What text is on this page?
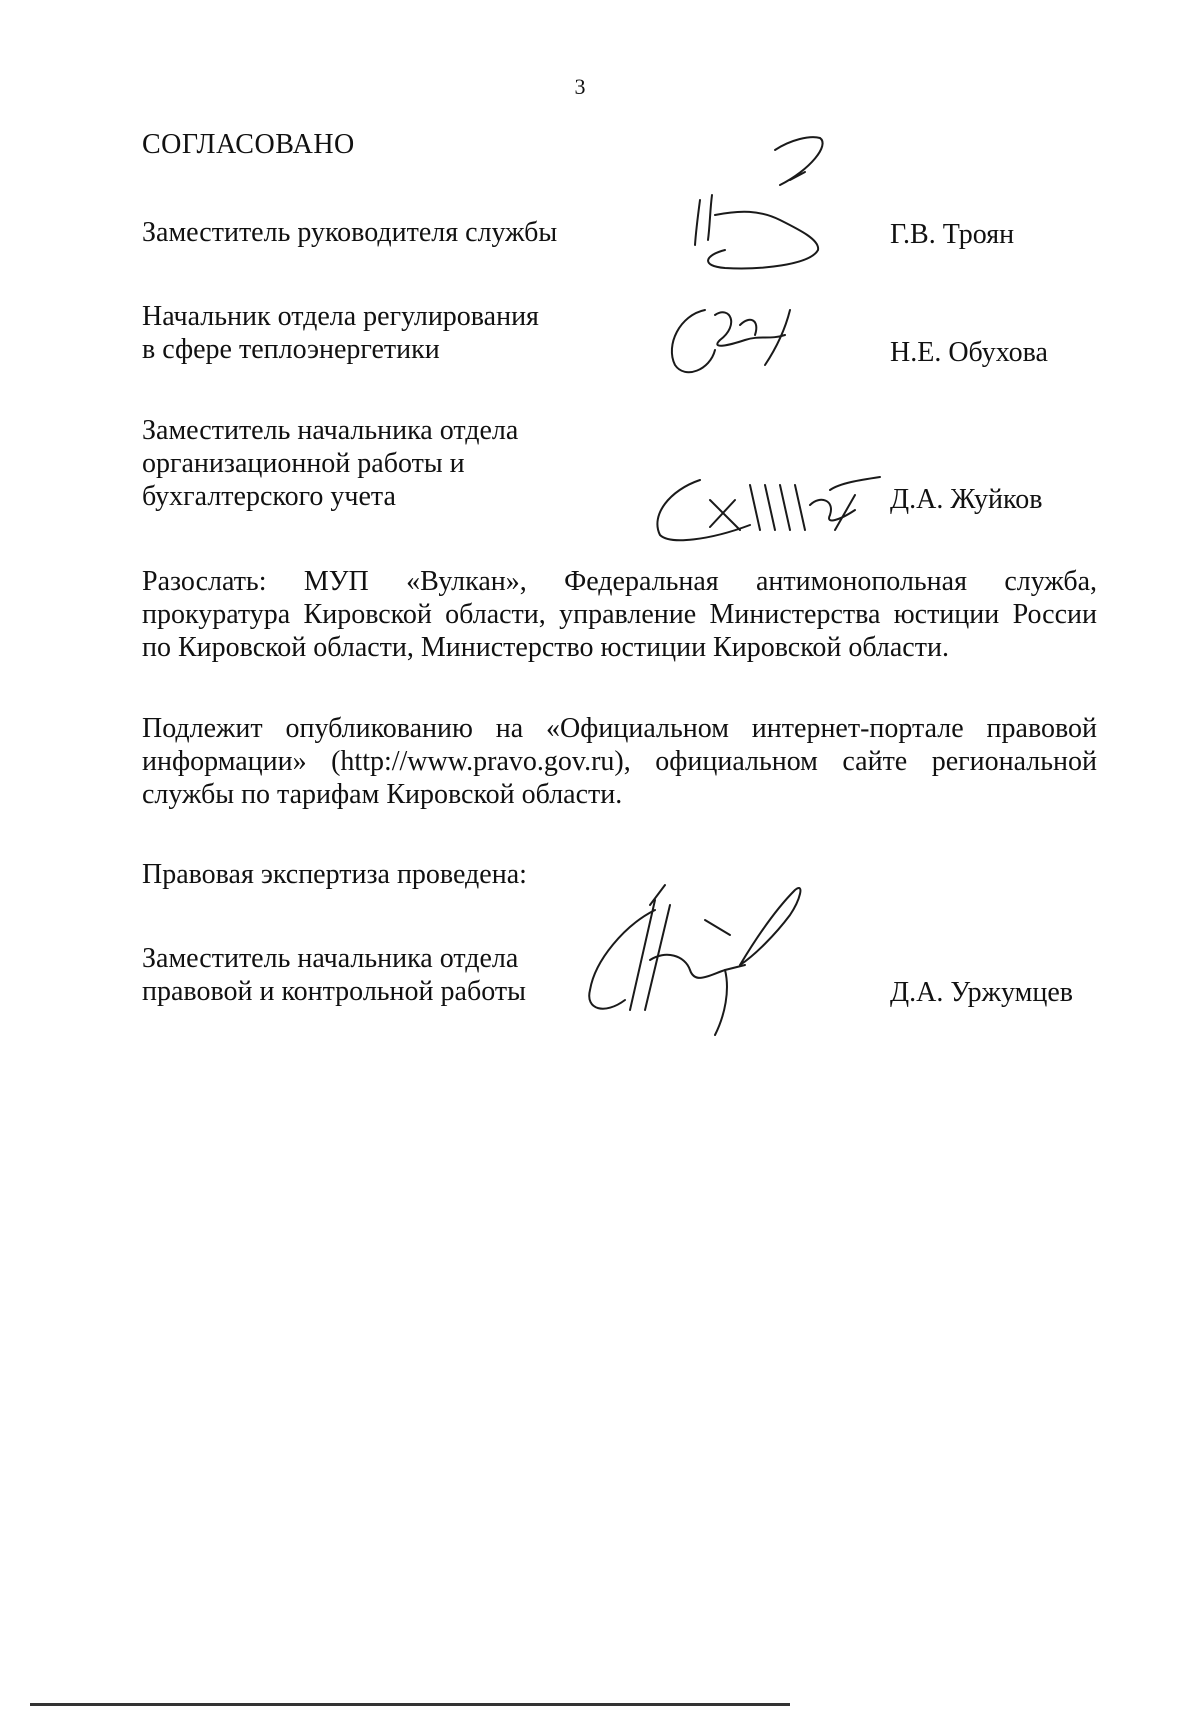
3
СОГЛАСОВАНО
Заместитель руководителя службы	Г.В. Троян
Начальник отдела регулирования
в сфере теплоэнергетики	Н.Е. Обухова
Заместитель начальника отдела
организационной работы и
бухгалтерского учета	Д.А. Жуйков
Разослать: МУП «Вулкан», Федеральная антимонопольная служба,
прокуратура Кировской области, управление Министерства юстиции России
по Кировской области, Министерство юстиции Кировской области.
Подлежит опубликованию на «Официальном интернет-портале правовой
информации» (http://www.pravo.gov.ru), официальном сайте региональной
службы по тарифам Кировской области.
Правовая экспертиза проведена:
Заместитель начальника отдела
правовой и контрольной работы	Д.А. Уржумцев
